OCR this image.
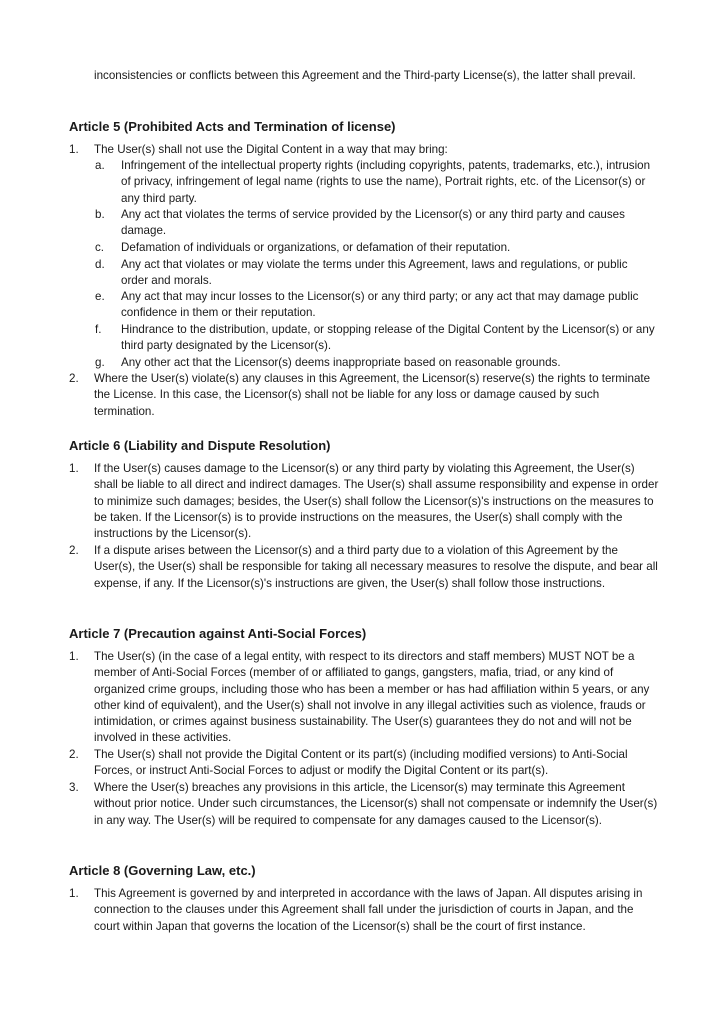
inconsistencies or conflicts between this Agreement and the Third-party License(s), the latter shall prevail.

Article 5 (Prohibited Acts and Termination of license)
1.	The User(s) shall not use the Digital Content in a way that may bring:
a.	Infringement of the intellectual property rights (including copyrights, patents, trademarks, etc.), intrusion of privacy, infringement of legal name (rights to use the name), Portrait rights, etc. of the Licensor(s) or any third party.
b.	Any act that violates the terms of service provided by the Licensor(s) or any third party and causes damage.
c.	Defamation of individuals or organizations, or defamation of their reputation.
d.	Any act that violates or may violate the terms under this Agreement, laws and regulations, or public order and morals.
e.	Any act that may incur losses to the Licensor(s) or any third party; or any act that may damage public confidence in them or their reputation.
f.	Hindrance to the distribution, update, or stopping release of the Digital Content by the Licensor(s) or any third party designated by the Licensor(s).
g.	Any other act that the Licensor(s) deems inappropriate based on reasonable grounds.
2.	Where the User(s) violate(s) any clauses in this Agreement, the Licensor(s) reserve(s) the rights to terminate the License. In this case, the Licensor(s) shall not be liable for any loss or damage caused by such termination.
Article 6 (Liability and Dispute Resolution)
1.	If the User(s) causes damage to the Licensor(s) or any third party by violating this Agreement, the User(s) shall be liable to all direct and indirect damages. The User(s) shall assume responsibility and expense in order to minimize such damages; besides, the User(s) shall follow the Licensor(s)'s instructions on the measures to be taken. If the Licensor(s) is to provide instructions on the measures, the User(s) shall comply with the instructions by the Licensor(s).
2.	If a dispute arises between the Licensor(s) and a third party due to a violation of this Agreement by the User(s), the User(s) shall be responsible for taking all necessary measures to resolve the dispute, and bear all expense, if any. If the Licensor(s)'s instructions are given, the User(s) shall follow those instructions.
Article 7 (Precaution against Anti-Social Forces)
1.	The User(s) (in the case of a legal entity, with respect to its directors and staff members) MUST NOT be a member of Anti-Social Forces (member of or affiliated to gangs, gangsters, mafia, triad, or any kind of organized crime groups, including those who has been a member or has had affiliation within 5 years, or any other kind of equivalent), and the User(s) shall not involve in any illegal activities such as violence, frauds or intimidation, or crimes against business sustainability. The User(s) guarantees they do not and will not be involved in these activities.
2.	The User(s) shall not provide the Digital Content or its part(s) (including modified versions) to Anti-Social Forces, or instruct Anti-Social Forces to adjust or modify the Digital Content or its part(s).
3.	Where the User(s) breaches any provisions in this article, the Licensor(s) may terminate this Agreement without prior notice. Under such circumstances, the Licensor(s) shall not compensate or indemnify the User(s) in any way. The User(s) will be required to compensate for any damages caused to the Licensor(s).
Article 8 (Governing Law, etc.)
1.	This Agreement is governed by and interpreted in accordance with the laws of Japan. All disputes arising in connection to the clauses under this Agreement shall fall under the jurisdiction of courts in Japan, and the court within Japan that governs the location of the Licensor(s) shall be the court of first instance.
